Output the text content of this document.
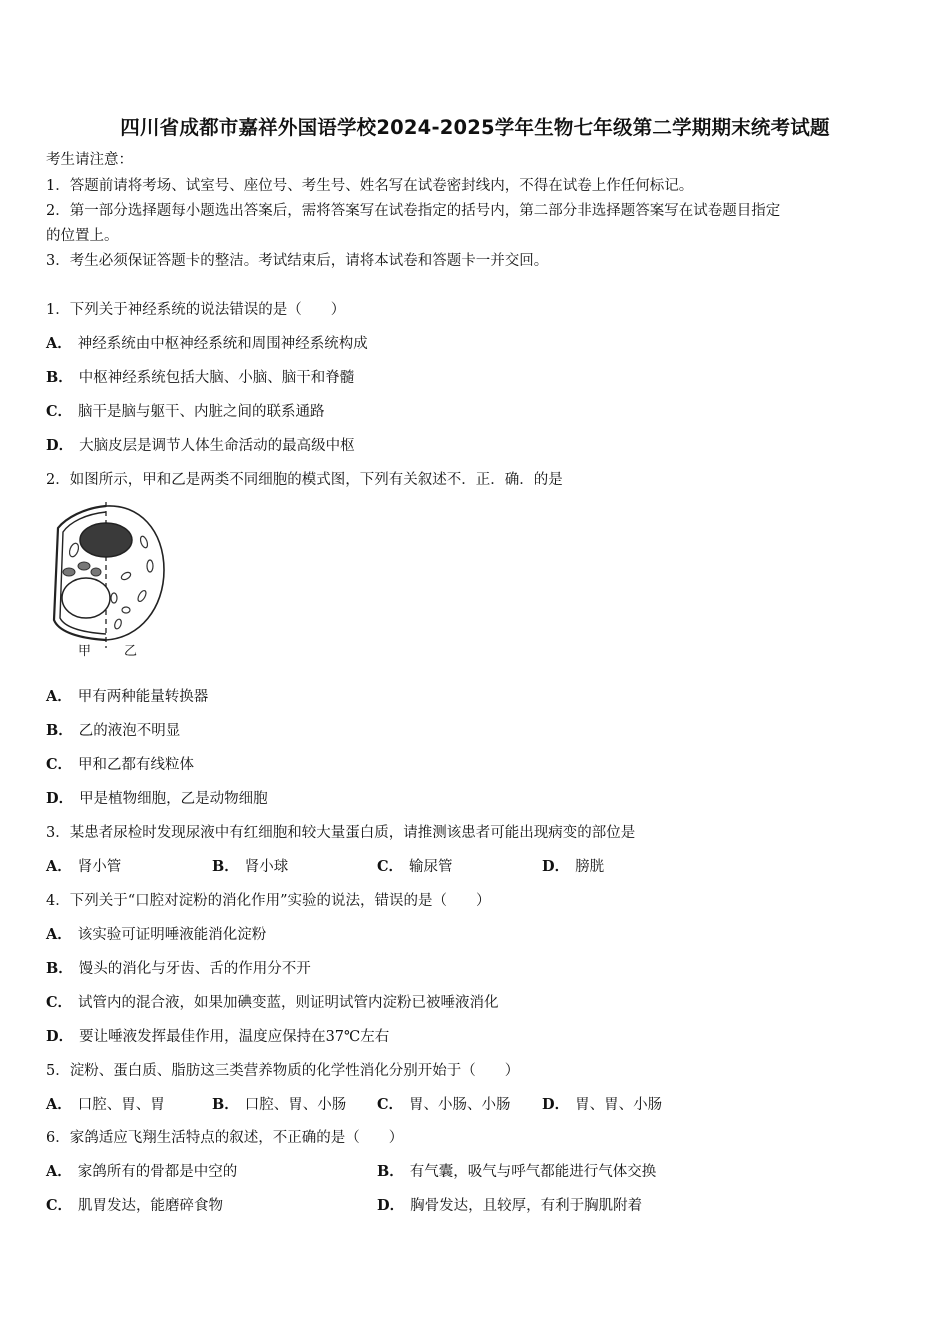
四川省成都市嘉祥外国语学校2024-2025学年生物七年级第二学期期末统考试题
考生请注意：
1．答题前请将考场、试室号、座位号、考生号、姓名写在试卷密封线内，不得在试卷上作任何标记。
2．第一部分选择题每小题选出答案后，需将答案写在试卷指定的括号内，第二部分非选择题答案写在试卷题目指定
的位置上。
3．考生必须保证答题卡的整洁。考试结束后，请将本试卷和答题卡一并交回。
1．下列关于神经系统的说法错误的是（　　）
A． 神经系统由中枢神经系统和周围神经系统构成
B． 中枢神经系统包括大脑、小脑、脑干和脊髓
C． 脑干是脑与躯干、内脏之间的联系通路
D． 大脑皮层是调节人体生命活动的最高级中枢
2．如图所示，甲和乙是两类不同细胞的模式图，下列有关叙述不．正．确．的是
甲	乙
A． 甲有两种能量转换器
B． 乙的液泡不明显
C． 甲和乙都有线粒体
D． 甲是植物细胞，乙是动物细胞
3．某患者尿检时发现尿液中有红细胞和较大量蛋白质，请推测该患者可能出现病变的部位是
A． 肾小管	B． 肾小球	C． 输尿管	D． 膀胱
4．下列关于“口腔对淀粉的消化作用”实验的说法，错误的是（　　）
A． 该实验可证明唾液能消化淀粉
B． 馒头的消化与牙齿、舌的作用分不开
C． 试管内的混合液，如果加碘变蓝，则证明试管内淀粉已被唾液消化
D． 要让唾液发挥最佳作用，温度应保持在37℃左右
5．淀粉、蛋白质、脂肪这三类营养物质的化学性消化分别开始于（　　）
A． 口腔、胃、胃	B． 口腔、胃、小肠 C． 胃、小肠、小肠 D． 胃、胃、小肠
6．家鸽适应飞翔生活特点的叙述，不正确的是（　　）
A． 家鸽所有的骨都是中空的	B． 有气囊，吸气与呼气都能进行气体交换
C． 肌胃发达，能磨碎食物	D． 胸骨发达，且较厚，有利于胸肌附着
